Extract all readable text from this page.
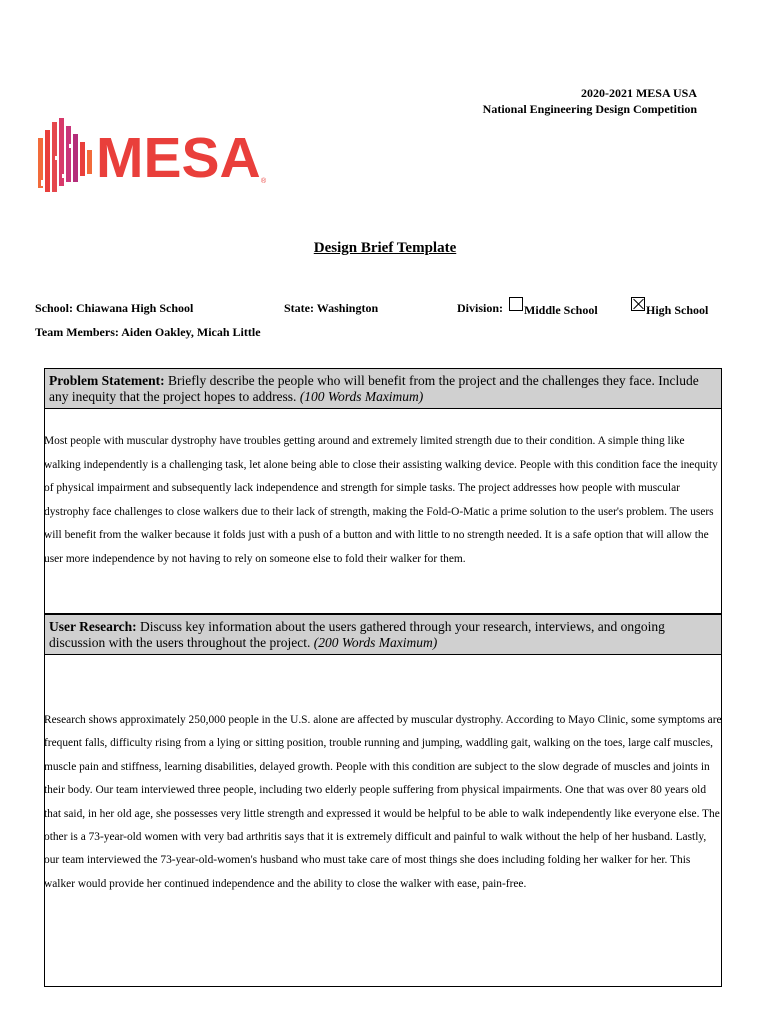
2020-2021 MESA USA
National Engineering Design Competition
MESA ®
Design Brief Template
School: Chiawana High School	State: Washington	Division:	Middle School	High School
Team Members: Aiden Oakley, Micah Little
Problem Statement: Briefly describe the people who will benefit from the project and the challenges they face. Include any inequity that the project hopes to address. (100 Words Maximum)
Most people with muscular dystrophy have troubles getting around and extremely limited strength due to their condition. A simple thing like walking independently is a challenging task, let alone being able to close their assisting walking device. People with this condition face the inequity of physical impairment and subsequently lack independence and strength for simple tasks. The project addresses how people with muscular dystrophy face challenges to close walkers due to their lack of strength, making the Fold-O-Matic a prime solution to the user's problem. The users will benefit from the walker because it folds just with a push of a button and with little to no strength needed. It is a safe option that will allow the user more independence by not having to rely on someone else to fold their walker for them.
User Research: Discuss key information about the users gathered through your research, interviews, and ongoing discussion with the users throughout the project. (200 Words Maximum)
Research shows approximately 250,000 people in the U.S. alone are affected by muscular dystrophy. According to Mayo Clinic, some symptoms are frequent falls, difficulty rising from a lying or sitting position, trouble running and jumping, waddling gait, walking on the toes, large calf muscles, muscle pain and stiffness, learning disabilities, delayed growth. People with this condition are subject to the slow degrade of muscles and joints in their body. Our team interviewed three people, including two elderly people suffering from physical impairments. One that was over 80 years old that said, in her old age, she possesses very little strength and expressed it would be helpful to be able to walk independently like everyone else. The other is a 73-year-old women with very bad arthritis says that it is extremely difficult and painful to walk without the help of her husband. Lastly, our team interviewed the 73-year-old-women's husband who must take care of most things she does including folding her walker for her. This walker would provide her continued independence and the ability to close the walker with ease, pain-free.
